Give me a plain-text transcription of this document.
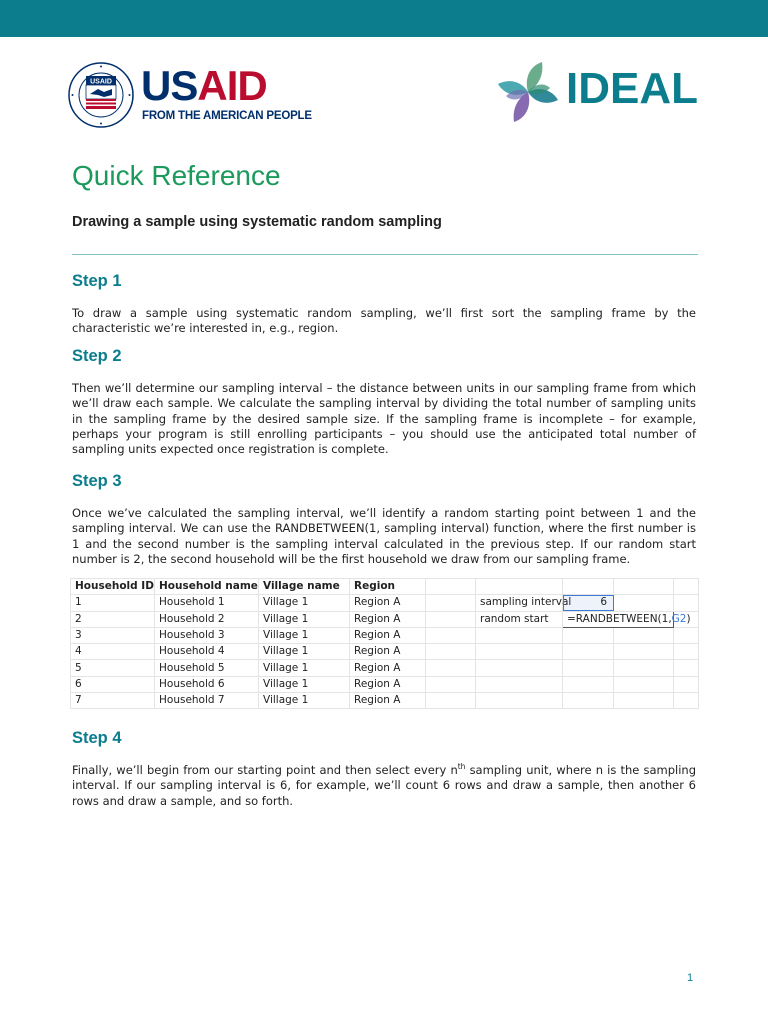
USAID USAID
FROM THE AMERICAN PEOPLE
IDEAL
Quick Reference
Drawing a sample using systematic random sampling
Step 1

To draw a sample using systematic random sampling, we’ll first sort the sampling frame by the characteristic we’re interested in, e.g., region.

Step 2

Then we’ll determine our sampling interval – the distance between units in our sampling frame from which we’ll draw each sample. We calculate the sampling interval by dividing the total number of sampling units in the sampling frame by the desired sample size. If the sampling frame is incomplete – for example, perhaps your program is still enrolling participants – you should use the anticipated total number of sampling units expected once registration is complete.

Step 3

Once we’ve calculated the sampling interval, we’ll identify a random starting point between 1 and the sampling interval. We can use the RANDBETWEEN(1, sampling interval) function, where the first number is 1 and the second number is the sampling interval calculated in the previous step. If our random start number is 2, the second household will be the first household we draw from our sampling frame.

Household ID	Household name	Village name	Region					
1	Household 1	Village 1	Region A		sampling interval	6		
2	Household 2	Village 1	Region A		random start	=RANDBETWEEN(1,G2)		
3	Household 3	Village 1	Region A					
4	Household 4	Village 1	Region A					
5	Household 5	Village 1	Region A					
6	Household 6	Village 1	Region A					
7	Household 7	Village 1	Region A					
Step 4

Finally, we’ll begin from our starting point and then select every $n^{th}$ sampling unit, where n is the sampling interval. If our sampling interval is 6, for example, we’ll count 6 rows and draw a sample, then another 6 rows and draw a sample, and so forth.

1
